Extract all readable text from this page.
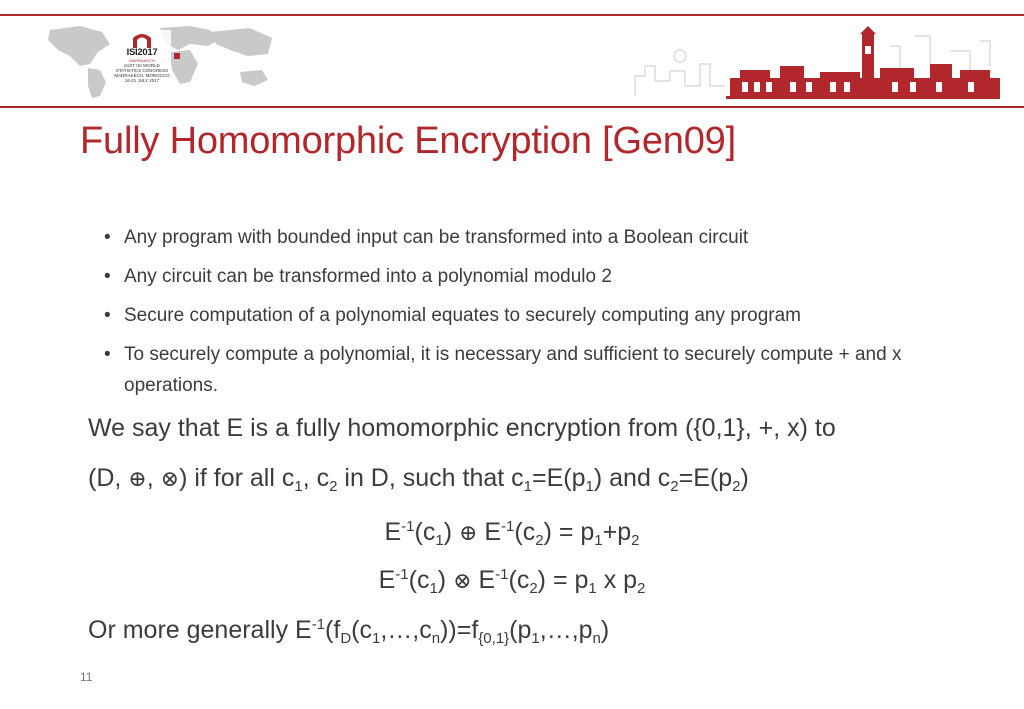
ISI2017
MARRAKECH
61ST ISI WORLD STATISTICS CONGRESS
MARRAKECH, MOROCCO 16-21 JULY 2017
Fully Homomorphic Encryption [Gen09]
• Any program with bounded input can be transformed into a Boolean circuit
• Any circuit can be transformed into a polynomial modulo 2
• Secure computation of a polynomial equates to securely computing any program
• To securely compute a polynomial, it is necessary and sufficient to securely compute + and x operations.
We say that E is a fully homomorphic encryption from ({0,1}, +, x) to
(D, ⊕, ⊗) if for all $c_1$, $c_2$ in D, such that $c_1=E(p_1)$ and $c_2=E(p_2)$
$E^{-1}(c_1)$ ⊕ $E^{-1}(c_2) = p_1+p_2$
$E^{-1}(c_1)$ ⊗ $E^{-1}(c_2) = p_1$ x $p_2$
Or more generally $E^{-1}(f_D(c_1,\dots,c_n))=f_{\{0,1\}}(p_1,\dots,p_n)$
11
